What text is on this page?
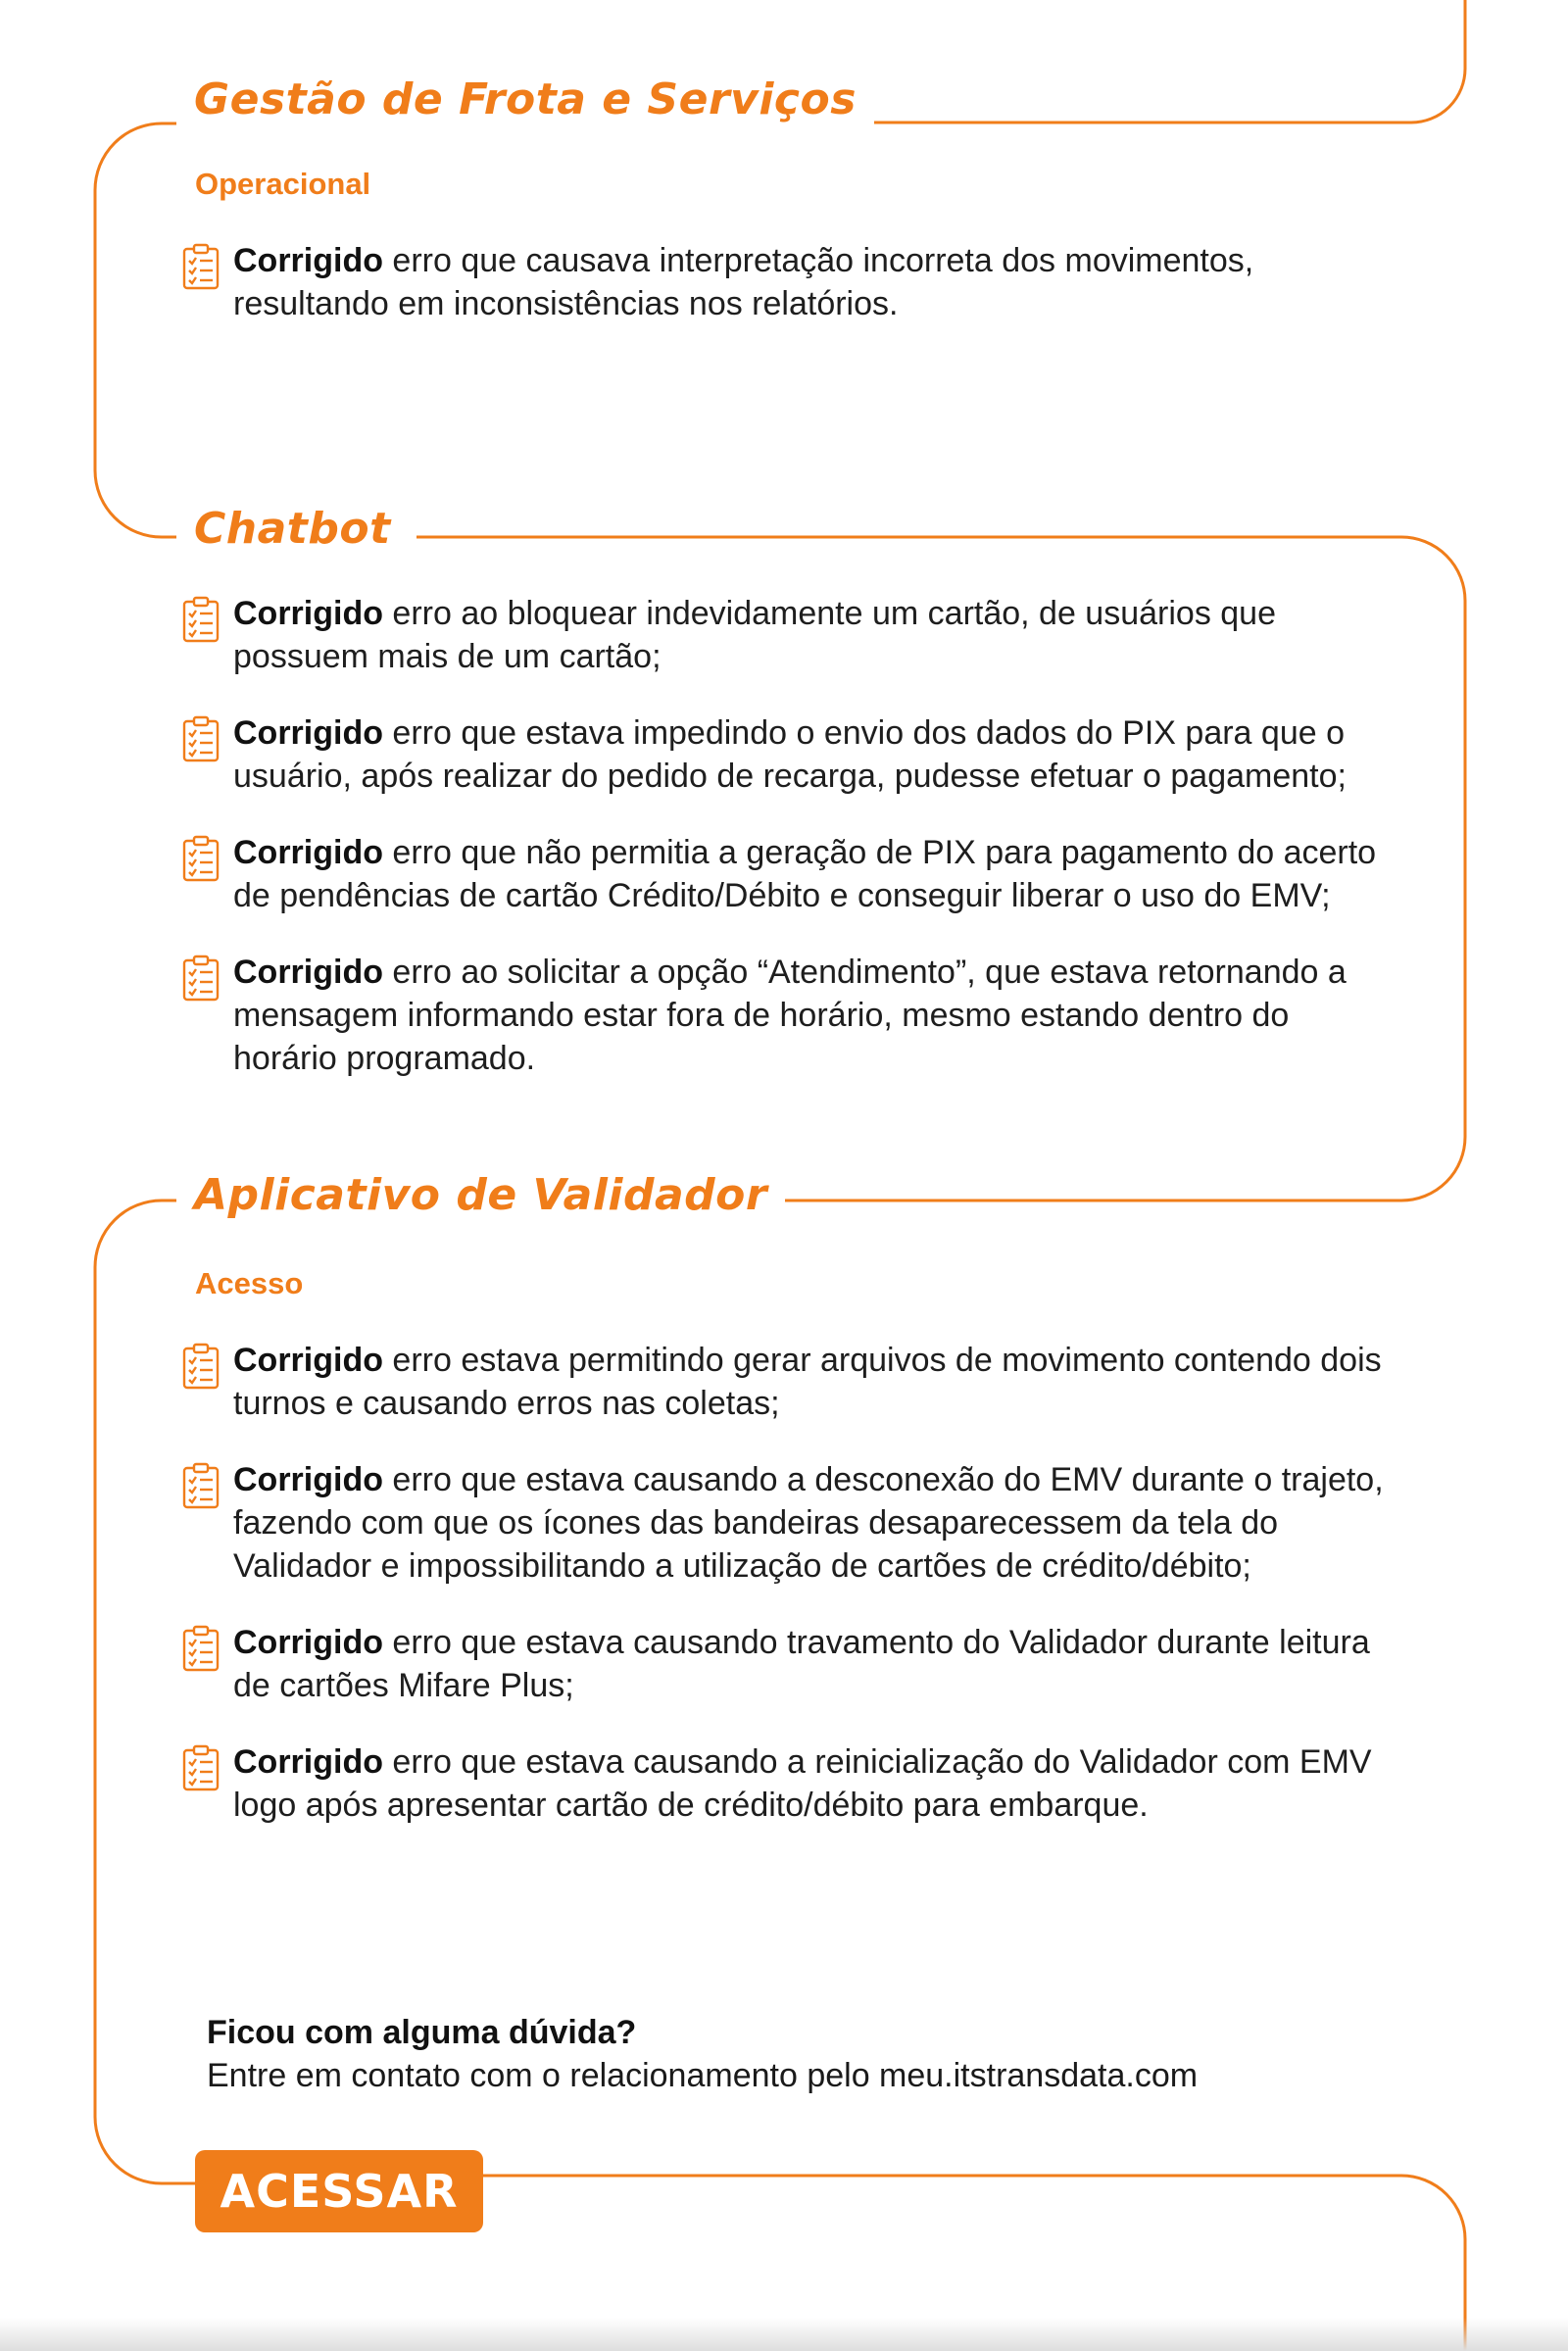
Gestão de Frota e Serviços
Operacional
Corrigido erro que causava interpretação incorreta dos movimentos, resultando em inconsistências nos relatórios.
Chatbot
Corrigido erro ao bloquear indevidamente um cartão, de usuários que possuem mais de um cartão;
Corrigido erro que estava impedindo o envio dos dados do PIX para que o usuário, após realizar do pedido de recarga, pudesse efetuar o pagamento;
Corrigido erro que não permitia a geração de PIX para pagamento do acerto de pendências de cartão Crédito/Débito e conseguir liberar o uso do EMV;
Corrigido erro ao solicitar a opção “Atendimento”, que estava retornando a mensagem informando estar fora de horário, mesmo estando dentro do horário programado.
Aplicativo de Validador
Acesso
Corrigido erro estava permitindo gerar arquivos de movimento contendo dois turnos e causando erros nas coletas;
Corrigido erro que estava causando a desconexão do EMV durante o trajeto, fazendo com que os ícones das bandeiras desaparecessem da tela do Validador e impossibilitando a utilização de cartões de crédito/débito;
Corrigido erro que estava causando travamento do Validador durante leitura de cartões Mifare Plus;
Corrigido erro que estava causando a reinicialização do Validador com EMV logo após apresentar cartão de crédito/débito para embarque.
Ficou com alguma dúvida?
Entre em contato com o relacionamento pelo meu.itstransdata.com
ACESSAR
